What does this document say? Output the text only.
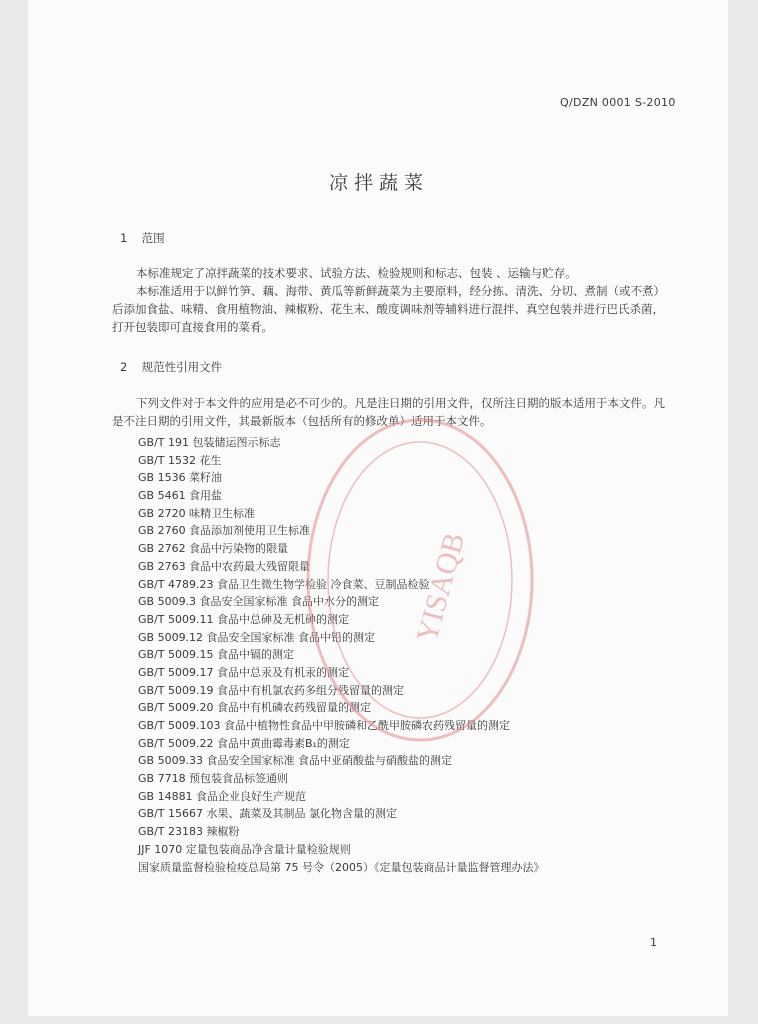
Q/DZN 0001 S-2010
凉拌蔬菜
1 范围

本标准规定了凉拌蔬菜的技术要求、试验方法、检验规则和标志、包装 、运输与贮存。

本标准适用于以鲜竹笋、藕、海带、黄瓜等新鲜蔬菜为主要原料，经分拣、清洗、分切、煮制（或不煮）后添加食盐、味精、食用植物油、辣椒粉、花生末、酸度调味剂等辅料进行混拌、真空包装并进行巴氏杀菌，打开包装即可直接食用的菜肴。

2 规范性引用文件

下列文件对于本文件的应用是必不可少的。凡是注日期的引用文件，仅所注日期的版本适用于本文件。凡是不注日期的引用文件，其最新版本（包括所有的修改单）适用于本文件。

GB/T 191 包装储运图示标志
GB/T 1532 花生
GB 1536 菜籽油
GB 5461 食用盐
GB 2720 味精卫生标准
GB 2760 食品添加剂使用卫生标准
GB 2762 食品中污染物的限量
GB 2763 食品中农药最大残留限量
GB/T 4789.23 食品卫生微生物学检验 冷食菜、豆制品检验
GB 5009.3 食品安全国家标准 食品中水分的测定
GB/T 5009.11 食品中总砷及无机砷的测定
GB 5009.12 食品安全国家标准 食品中铅的测定
GB/T 5009.15 食品中镉的测定
GB/T 5009.17 食品中总汞及有机汞的测定
GB/T 5009.19 食品中有机氯农药多组分残留量的测定
GB/T 5009.20 食品中有机磷农药残留量的测定
GB/T 5009.103 食品中植物性食品中甲胺磷和乙酰甲胺磷农药残留量的测定
GB/T 5009.22 食品中黄曲霉毒素B₁的测定
GB 5009.33 食品安全国家标准 食品中亚硝酸盐与硝酸盐的测定
GB 7718 预包装食品标签通则
GB 14881 食品企业良好生产规范
GB/T 15667 水果、蔬菜及其制品 氯化物含量的测定
GB/T 23183 辣椒粉
JJF 1070 定量包装商品净含量计量检验规则
国家质量监督检验检疫总局第 75 号令（2005）《定量包装商品计量监督管理办法》
YISAQB
1
